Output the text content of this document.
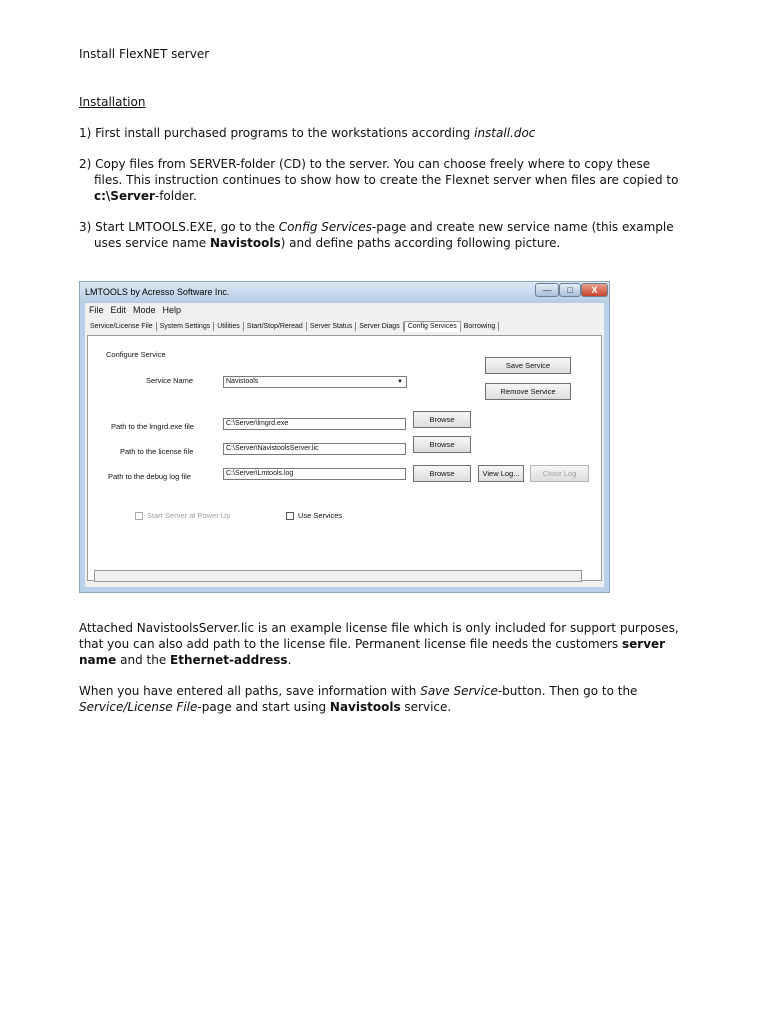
Install FlexNET server

Installation

1) First install purchased programs to the workstations according install.doc

2) Copy files from SERVER-folder (CD) to the server. You can choose freely where to copy these

files. This instruction continues to show how to create the Flexnet server when files are copied to

c:\Server-folder.

3) Start LMTOOLS.EXE, go to the Config Services-page and create new service name (this example

uses service name Navistools) and define paths according following picture.

LMTOOLS by Acresso Software Inc.	—	□	X
File Edit Mode Help
Service/License File System Settings Utilities Start/Stop/Reread Server Status Server Diags Config Services Borrowing
Configure Service
Service Name	Navistools	▼
Save Service
Remove Service
Path to the lmgrd.exe file	C:\Server\lmgrd.exe	Browse
Path to the license file	C:\Server\NavistoolsServer.lic	Browse
Path to the debug log file	C:\Server\Lmtools.log	Browse	View Log...	Close Log
Start Server at Power Up	Use Services

Attached NavistoolsServer.lic is an example license file which is only included for support purposes,

that you can also add path to the license file. Permanent license file needs the customers server

name and the Ethernet-address.

When you have entered all paths, save information with Save Service-button. Then go to the

Service/License File-page and start using Navistools service.
